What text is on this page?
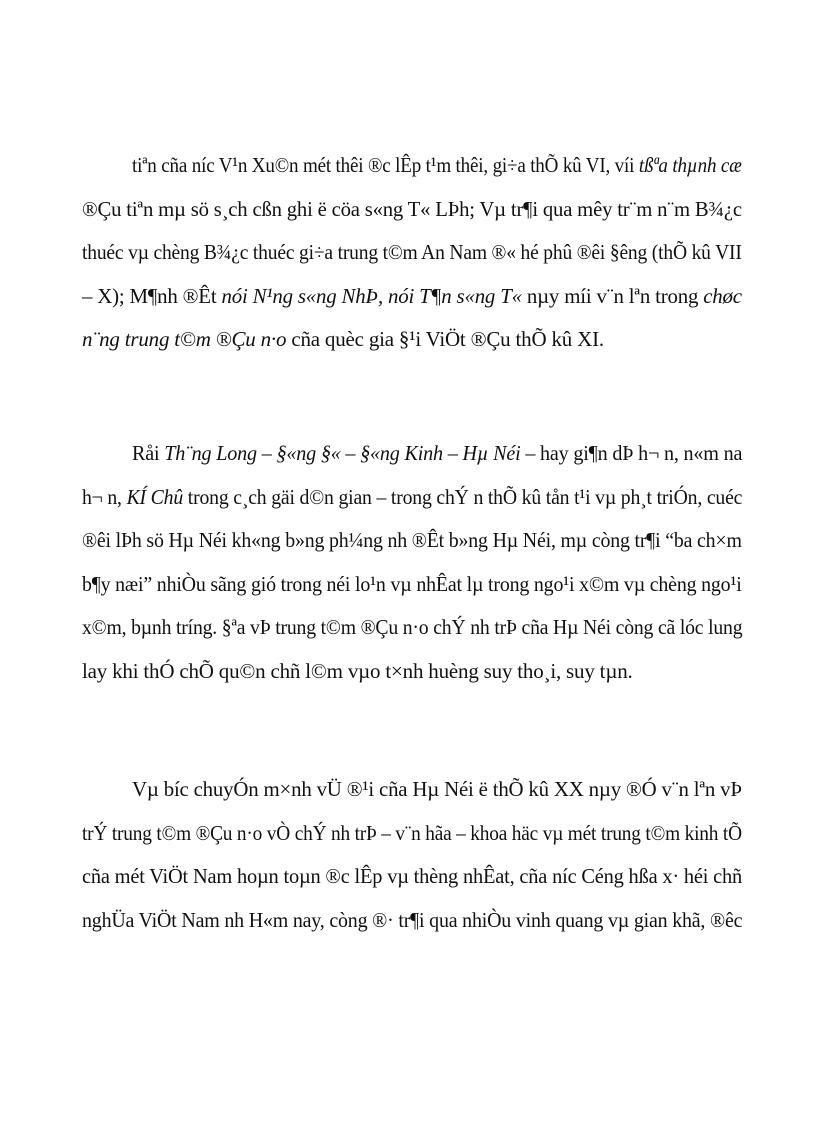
tiªn cña níc V¹n Xu©n mét thêi ®c lÊp t¹m thêi, gi÷a thÕ kû VI, víi tßªa thµnh cæ
®Çu tiªn mµ sö s¸ch cßn ghi ë cöa s«ng T« LÞh; Vµ tr¶i qua mêy tr¨m n¨m B¾¿c
thuéc vµ chèng B¾¿c thuéc gi÷a trung t©m An Nam ®« hé phû ®êi §êng (thÕ kû VII
– X); M¶nh ®Êt nói N¹ng s«ng NhÞ, nói T¶n s«ng T« nµy míi v¨n lªn trong chøc
n¨ng trung t©m ®Çu n·o cña quèc gia §¹i ViÖt ®Çu thÕ kû XI.
Råi Th¨ng Long – §«ng §« – §«ng Kinh – Hµ Néi – hay gi¶n dÞ h¬ n, n«m na
h¬ n, KÍ Chû trong c¸ch gäi d©n gian – trong chÝ n thÕ kû tån t¹i vµ ph¸t triÓn, cuéc
®êi lÞh sö Hµ Néi kh«ng b»ng ph¼ng nh ®Êt b»ng Hµ Néi, mµ còng tr¶i “ba ch×m
b¶y næi” nhiÒu sãng gió trong néi lo¹n vµ nhÊat lµ trong ngo¹i x©m vµ chèng ngo¹i
x©m, bµnh tríng. §ªa vÞ trung t©m ®Çu n·o chÝ nh trÞ cña Hµ Néi còng cã lóc lung
lay khi thÓ chÕ qu©n chñ l©m vµo t×nh huèng suy tho¸i, suy tµn.
Vµ bíc chuyÓn m×nh vÜ ®¹i cña Hµ Néi ë thÕ kû XX nµy ®Ó v¨n lªn vÞ
trÝ trung t©m ®Çu n·o vÒ chÝ nh trÞ – v¨n hãa – khoa häc vµ mét trung t©m kinh tÕ
cña mét ViÖt Nam hoµn toµn ®c lÊp vµ thèng nhÊat, cña níc Céng hßa x· héi chñ
nghÜa ViÖt Nam nh H«m nay, còng ®· tr¶i qua nhiÒu vinh quang vµ gian khã, ®êc
